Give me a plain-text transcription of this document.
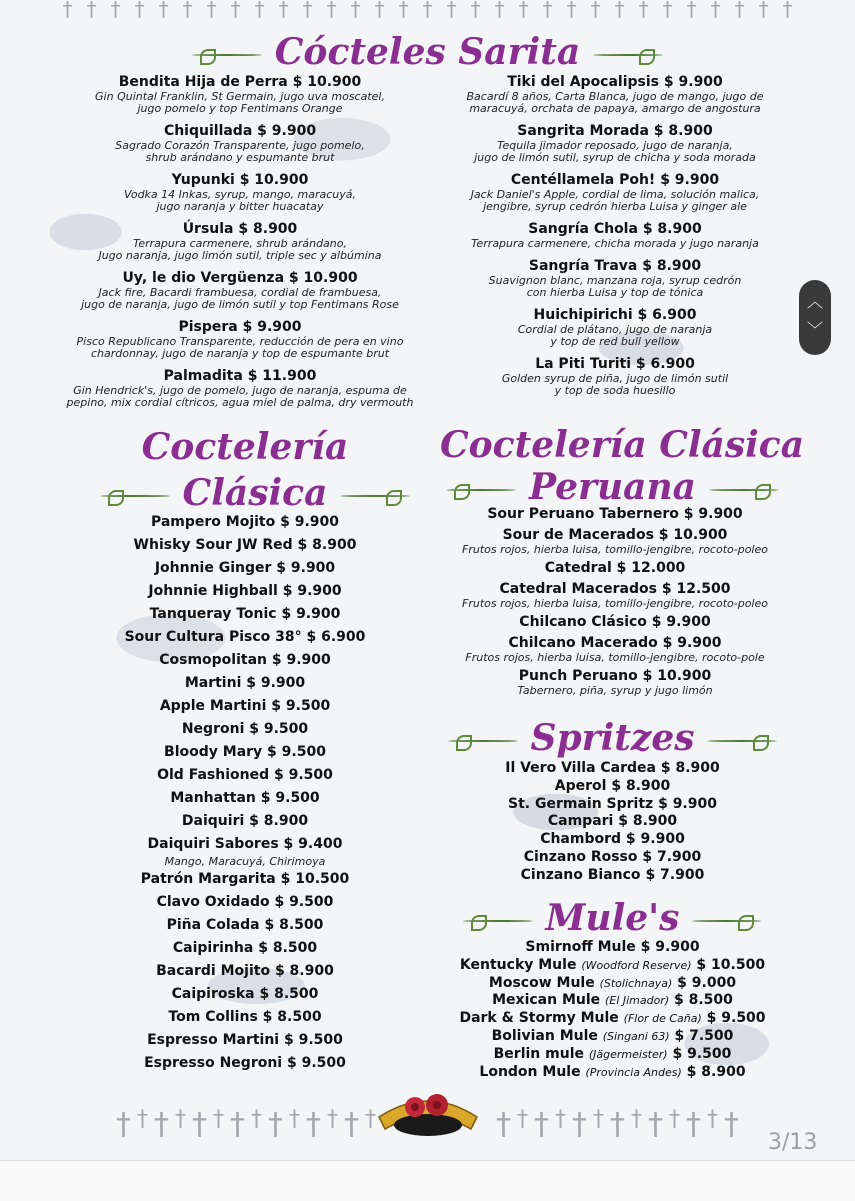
† † † † † † † † † † † † † † † † † † † † † † † † † † † † † † †
Cócteles Sarita
Bendita Hija de Perra $ 10.900
Gin Quintal Franklin, St Germain, jugo uva moscatel,
jugo pomelo y top Fentimans Orange
Chiquillada $ 9.900
Sagrado Corazón Transparente, jugo pomelo,
shrub arándano y espumante brut
Yupunki $ 10.900
Vodka 14 Inkas, syrup, mango, maracuyá,
jugo naranja y bitter huacatay
Úrsula $ 8.900
Terrapura carmenere, shrub arándano,
Jugo naranja, jugo limón sutil, triple sec y albúmina
Uy, le dio Vergüenza $ 10.900
Jack fire, Bacardi frambuesa, cordial de frambuesa,
jugo de naranja, jugo de limón sutil y top Fentimans Rose
Pispera $ 9.900
Pisco Republicano Transparente, reducción de pera en vino
chardonnay, jugo de naranja y top de espumante brut
Palmadita $ 11.900
Gin Hendrick's, jugo de pomelo, jugo de naranja, espuma de
pepino, mix cordial cítricos, agua miel de palma, dry vermouth
Tiki del Apocalipsis $ 9.900
Bacardí 8 años, Carta Blanca, jugo de mango, jugo de
maracuyá, orchata de papaya, amargo de angostura
Sangrita Morada $ 8.900
Tequila jimador reposado, jugo de naranja,
jugo de limón sutil, syrup de chicha y soda morada
Centéllamela Poh! $ 9.900
Jack Daniel's Apple, cordial de lima, solución malica,
jengibre, syrup cedrón hierba Luisa y ginger ale
Sangría Chola $ 8.900
Terrapura carmenere, chicha morada y jugo naranja
Sangría Trava $ 8.900
Suavignon blanc, manzana roja, syrup cedrón
con hierba Luisa y top de tónica
Huichipirichi $ 6.900
Cordial de plátano, jugo de naranja
y top de red bull yellow
La Piti Turiti $ 6.900
Golden syrup de piña, jugo de limón sutil
y top de soda huesillo
Coctelería
Clásica
Pampero Mojito $ 9.900
Whisky Sour JW Red $ 8.900
Johnnie Ginger $ 9.900
Johnnie Highball $ 9.900
Tanqueray Tonic $ 9.900
Sour Cultura Pisco 38° $ 6.900
Cosmopolitan $ 9.900
Martini $ 9.900
Apple Martini $ 9.500
Negroni $ 9.500
Bloody Mary $ 9.500
Old Fashioned $ 9.500
Manhattan $ 9.500
Daiquiri $ 8.900
Daiquiri Sabores $ 9.400
Mango, Maracuyá, Chirimoya
Patrón Margarita $ 10.500
Clavo Oxidado $ 9.500
Piña Colada $ 8.500
Caipirinha $ 8.500
Bacardi Mojito $ 8.900
Caipiroska $ 8.500
Tom Collins $ 8.500
Espresso Martini $ 9.500
Espresso Negroni $ 9.500
Coctelería Clásica
Peruana
Sour Peruano Tabernero $ 9.900
Sour de Macerados $ 10.900
Frutos rojos, hierba luisa, tomillo-jengibre, rocoto-poleo
Catedral $ 12.000
Catedral Macerados $ 12.500
Frutos rojos, hierba luisa, tomillo-jengibre, rocoto-poleo
Chilcano Clásico $ 9.900
Chilcano Macerado $ 9.900
Frutos rojos, hierba luisa, tomillo-jengibre, rocoto-pole
Punch Peruano $ 10.900
Tabernero, piña, syrup y jugo limón
Spritzes
Il Vero Villa Cardea $ 8.900
Aperol $ 8.900
St. Germain Spritz $ 9.900
Campari $ 8.900
Chambord $ 9.900
Cinzano Rosso $ 7.900
Cinzano Bianco $ 7.900
Mule's
Smirnoff Mule $ 9.900
Kentucky Mule (Woodford Reserve) $ 10.500
Moscow Mule (Stolichnaya) $ 9.000
Mexican Mule (El Jimador) $ 8.500
Dark & Stormy Mule (Flor de Caña) $ 9.500
Bolivian Mule (Singani 63) $ 7.500
Berlin mule (Jägermeister) $ 9.500
London Mule (Provincia Andes) $ 8.900
† † † † † † † † † † † † † †	† † † † † † † † † † † † †
︿
﹀
3/13
